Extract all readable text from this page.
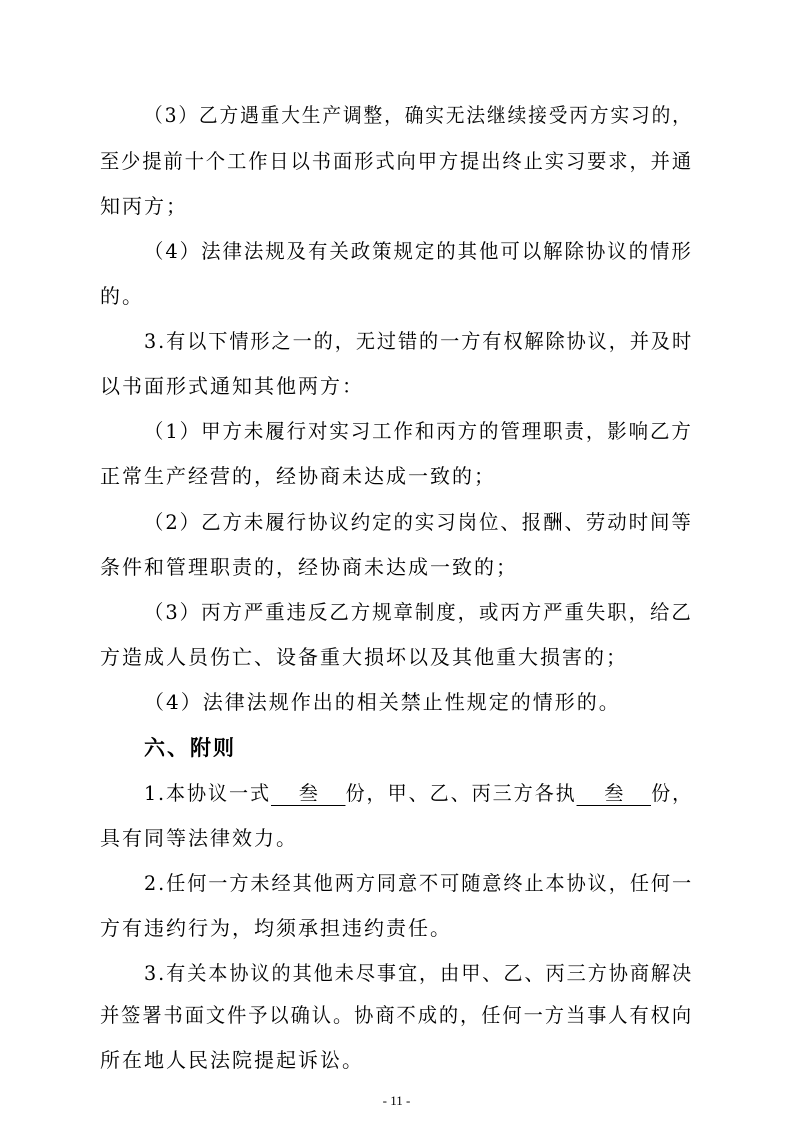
（3）乙方遇重大生产调整，确实无法继续接受丙方实习的，
至少提前十个工作日以书面形式向甲方提出终止实习要求，并通
知丙方；
（4）法律法规及有关政策规定的其他可以解除协议的情形
的。
3.有以下情形之一的，无过错的一方有权解除协议，并及时
以书面形式通知其他两方：
（1）甲方未履行对实习工作和丙方的管理职责，影响乙方
正常生产经营的，经协商未达成一致的；
（2）乙方未履行协议约定的实习岗位、报酬、劳动时间等
条件和管理职责的，经协商未达成一致的；
（3）丙方严重违反乙方规章制度，或丙方严重失职，给乙
方造成人员伤亡、设备重大损坏以及其他重大损害的；
（4）法律法规作出的相关禁止性规定的情形的。
六、附则
1.本协议一式 叁 份，甲、乙、丙三方各执 叁 份，
具有同等法律效力。
2.任何一方未经其他两方同意不可随意终止本协议，任何一
方有违约行为，均须承担违约责任。
3.有关本协议的其他未尽事宜，由甲、乙、丙三方协商解决
并签署书面文件予以确认。协商不成的，任何一方当事人有权向
所在地人民法院提起诉讼。
- 11 -
